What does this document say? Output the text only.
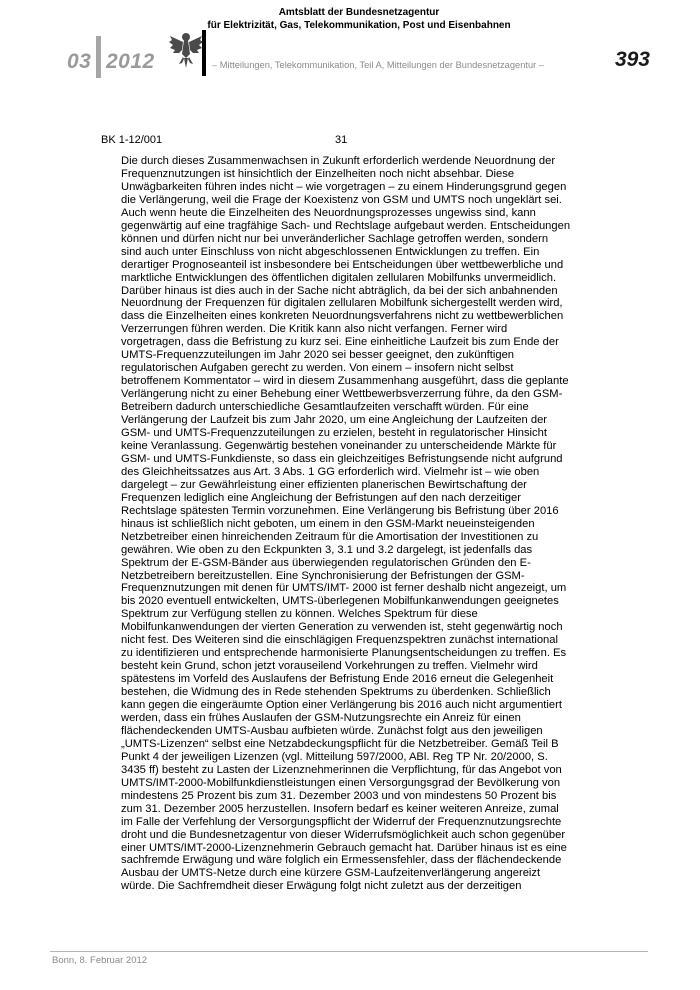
03 2012
Amtsblatt der Bundesnetzagentur
für Elektrizität, Gas, Telekommunikation, Post und Eisenbahnen
– Mitteilungen, Telekommunikation, Teil A, Mitteilungen der Bundesnetzagentur –	393
BK 1-12/001	31
Die durch dieses Zusammenwachsen in Zukunft erforderlich werdende Neuordnung der
Frequenznutzungen ist hinsichtlich der Einzelheiten noch nicht absehbar. Diese
Unwägbarkeiten führen indes nicht – wie vorgetragen – zu einem Hinderungsgrund gegen
die Verlängerung, weil die Frage der Koexistenz von GSM und UMTS noch ungeklärt sei.
Auch wenn heute die Einzelheiten des Neuordnungsprozesses ungewiss sind, kann
gegenwärtig auf eine tragfähige Sach- und Rechtslage aufgebaut werden. Entscheidungen
können und dürfen nicht nur bei unveränderlicher Sachlage getroffen werden, sondern
sind auch unter Einschluss von nicht abgeschlossenen Entwicklungen zu treffen. Ein
derartiger Prognoseanteil ist insbesondere bei Entscheidungen über wettbewerbliche und
marktliche Entwicklungen des öffentlichen digitalen zellularen Mobilfunks unvermeidlich.
Darüber hinaus ist dies auch in der Sache nicht abträglich, da bei der sich anbahnenden
Neuordnung der Frequenzen für digitalen zellularen Mobilfunk sichergestellt werden wird,
dass die Einzelheiten eines konkreten Neuordnungsverfahrens nicht zu wettbewerblichen
Verzerrungen führen werden. Die Kritik kann also nicht verfangen. Ferner wird
vorgetragen, dass die Befristung zu kurz sei. Eine einheitliche Laufzeit bis zum Ende der
UMTS-Frequenzzuteilungen im Jahr 2020 sei besser geeignet, den zukünftigen
regulatorischen Aufgaben gerecht zu werden. Von einem – insofern nicht selbst
betroffenem Kommentator – wird in diesem Zusammenhang ausgeführt, dass die geplante
Verlängerung nicht zu einer Behebung einer Wettbewerbsverzerrung führe, da den GSM-
Betreibern dadurch unterschiedliche Gesamtlaufzeiten verschafft würden. Für eine
Verlängerung der Laufzeit bis zum Jahr 2020, um eine Angleichung der Laufzeiten der
GSM- und UMTS-Frequenzzuteilungen zu erzielen, besteht in regulatorischer Hinsicht
keine Veranlassung. Gegenwärtig bestehen voneinander zu unterscheidende Märkte für
GSM- und UMTS-Funkdienste, so dass ein gleichzeitiges Befristungsende nicht aufgrund
des Gleichheitssatzes aus Art. 3 Abs. 1 GG erforderlich wird. Vielmehr ist – wie oben
dargelegt – zur Gewährleistung einer effizienten planerischen Bewirtschaftung der
Frequenzen lediglich eine Angleichung der Befristungen auf den nach derzeitiger
Rechtslage spätesten Termin vorzunehmen. Eine Verlängerung bis Befristung über 2016
hinaus ist schließlich nicht geboten, um einem in den GSM-Markt neueinsteigenden
Netzbetreiber einen hinreichenden Zeitraum für die Amortisation der Investitionen zu
gewähren. Wie oben zu den Eckpunkten 3, 3.1 und 3.2 dargelegt, ist jedenfalls das
Spektrum der E-GSM-Bänder aus überwiegenden regulatorischen Gründen den E-
Netzbetreibern bereitzustellen. Eine Synchronisierung der Befristungen der GSM-
Frequenznutzungen mit denen für UMTS/IMT- 2000 ist ferner deshalb nicht angezeigt, um
bis 2020 eventuell entwickelten, UMTS-überlegenen Mobilfunkanwendungen geeignetes
Spektrum zur Verfügung stellen zu können. Welches Spektrum für diese
Mobilfunkanwendungen der vierten Generation zu verwenden ist, steht gegenwärtig noch
nicht fest. Des Weiteren sind die einschlägigen Frequenzspektren zunächst international
zu identifizieren und entsprechende harmonisierte Planungsentscheidungen zu treffen. Es
besteht kein Grund, schon jetzt vorauseilend Vorkehrungen zu treffen. Vielmehr wird
spätestens im Vorfeld des Auslaufens der Befristung Ende 2016 erneut die Gelegenheit
bestehen, die Widmung des in Rede stehenden Spektrums zu überdenken. Schließlich
kann gegen die eingeräumte Option einer Verlängerung bis 2016 auch nicht argumentiert
werden, dass ein frühes Auslaufen der GSM-Nutzungsrechte ein Anreiz für einen
flächendeckenden UMTS-Ausbau aufbieten würde. Zunächst folgt aus den jeweiligen
„UMTS-Lizenzen“ selbst eine Netzabdeckungspflicht für die Netzbetreiber. Gemäß Teil B
Punkt 4 der jeweiligen Lizenzen (vgl. Mitteilung 597/2000, ABl. Reg TP Nr. 20/2000, S.
3435 ff) besteht zu Lasten der Lizenznehmerinnen die Verpflichtung, für das Angebot von
UMTS/IMT-2000-Mobilfunkdienstleistungen einen Versorgungsgrad der Bevölkerung von
mindestens 25 Prozent bis zum 31. Dezember 2003 und von mindestens 50 Prozent bis
zum 31. Dezember 2005 herzustellen. Insofern bedarf es keiner weiteren Anreize, zumal
im Falle der Verfehlung der Versorgungspflicht der Widerruf der Frequenznutzungsrechte
droht und die Bundesnetzagentur von dieser Widerrufsmöglichkeit auch schon gegenüber
einer UMTS/IMT-2000-Lizenznehmerin Gebrauch gemacht hat. Darüber hinaus ist es eine
sachfremde Erwägung und wäre folglich ein Ermessensfehler, dass der flächendeckende
Ausbau der UMTS-Netze durch eine kürzere GSM-Laufzeitenverlängerung angereizt
würde. Die Sachfremdheit dieser Erwägung folgt nicht zuletzt aus der derzeitigen
Bonn, 8. Februar 2012
